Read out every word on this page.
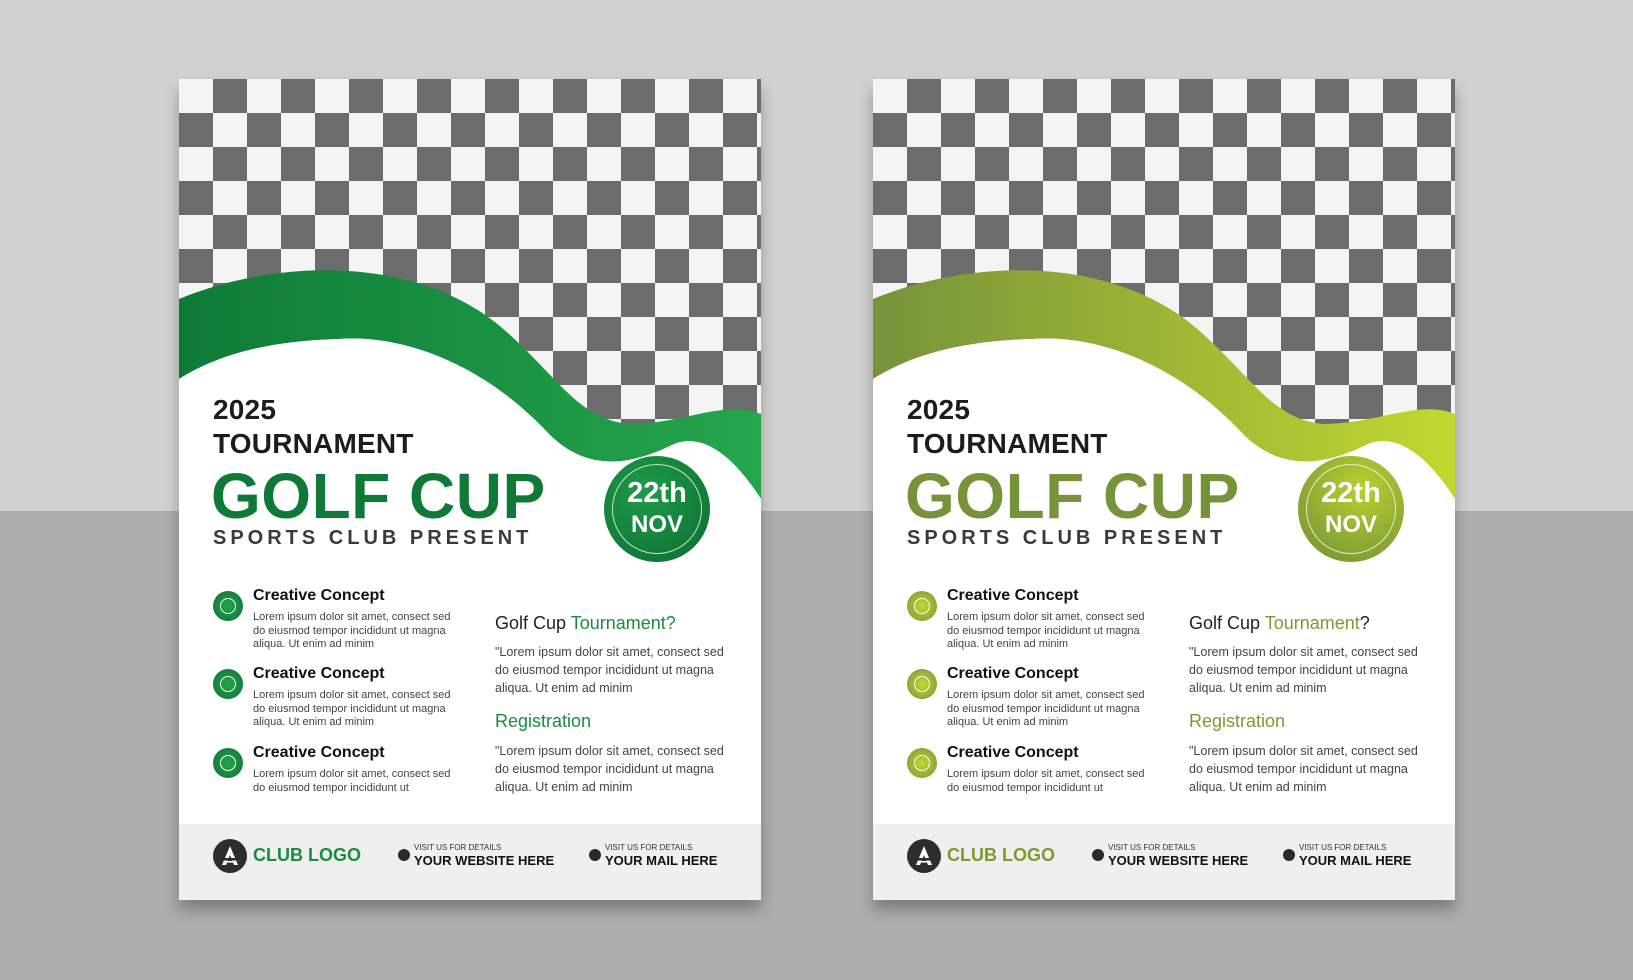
2025
TOURNAMENT
GOLF CUP
SPORTS CLUB PRESENT
22th
NOV
Creative Concept
Lorem ipsum dolor sit amet, consect sed do eiusmod tempor incididunt ut magna aliqua. Ut enim ad minim
Creative Concept
Lorem ipsum dolor sit amet, consect sed do eiusmod tempor incididunt ut magna aliqua. Ut enim ad minim
Creative Concept
Lorem ipsum dolor sit amet, consect sed do eiusmod tempor incididunt ut
Golf Cup Tournament?
"Lorem ipsum dolor sit amet, consect sed do eiusmod tempor incididunt ut magna aliqua. Ut enim ad minim
Registration
"Lorem ipsum dolor sit amet, consect sed do eiusmod tempor incididunt ut magna aliqua. Ut enim ad minim
CLUB LOGO	VISIT US FOR DETAILS
YOUR WEBSITE HERE
VISIT US FOR DETAILS
YOUR MAIL HERE
2025
TOURNAMENT
GOLF CUP
SPORTS CLUB PRESENT
22th
NOV
Creative Concept
Lorem ipsum dolor sit amet, consect sed do eiusmod tempor incididunt ut magna aliqua. Ut enim ad minim
Creative Concept
Lorem ipsum dolor sit amet, consect sed do eiusmod tempor incididunt ut magna aliqua. Ut enim ad minim
Creative Concept
Lorem ipsum dolor sit amet, consect sed do eiusmod tempor incididunt ut
Golf Cup Tournament?
"Lorem ipsum dolor sit amet, consect sed do eiusmod tempor incididunt ut magna aliqua. Ut enim ad minim
Registration
"Lorem ipsum dolor sit amet, consect sed do eiusmod tempor incididunt ut magna aliqua. Ut enim ad minim
CLUB LOGO	VISIT US FOR DETAILS
YOUR WEBSITE HERE
VISIT US FOR DETAILS
YOUR MAIL HERE
